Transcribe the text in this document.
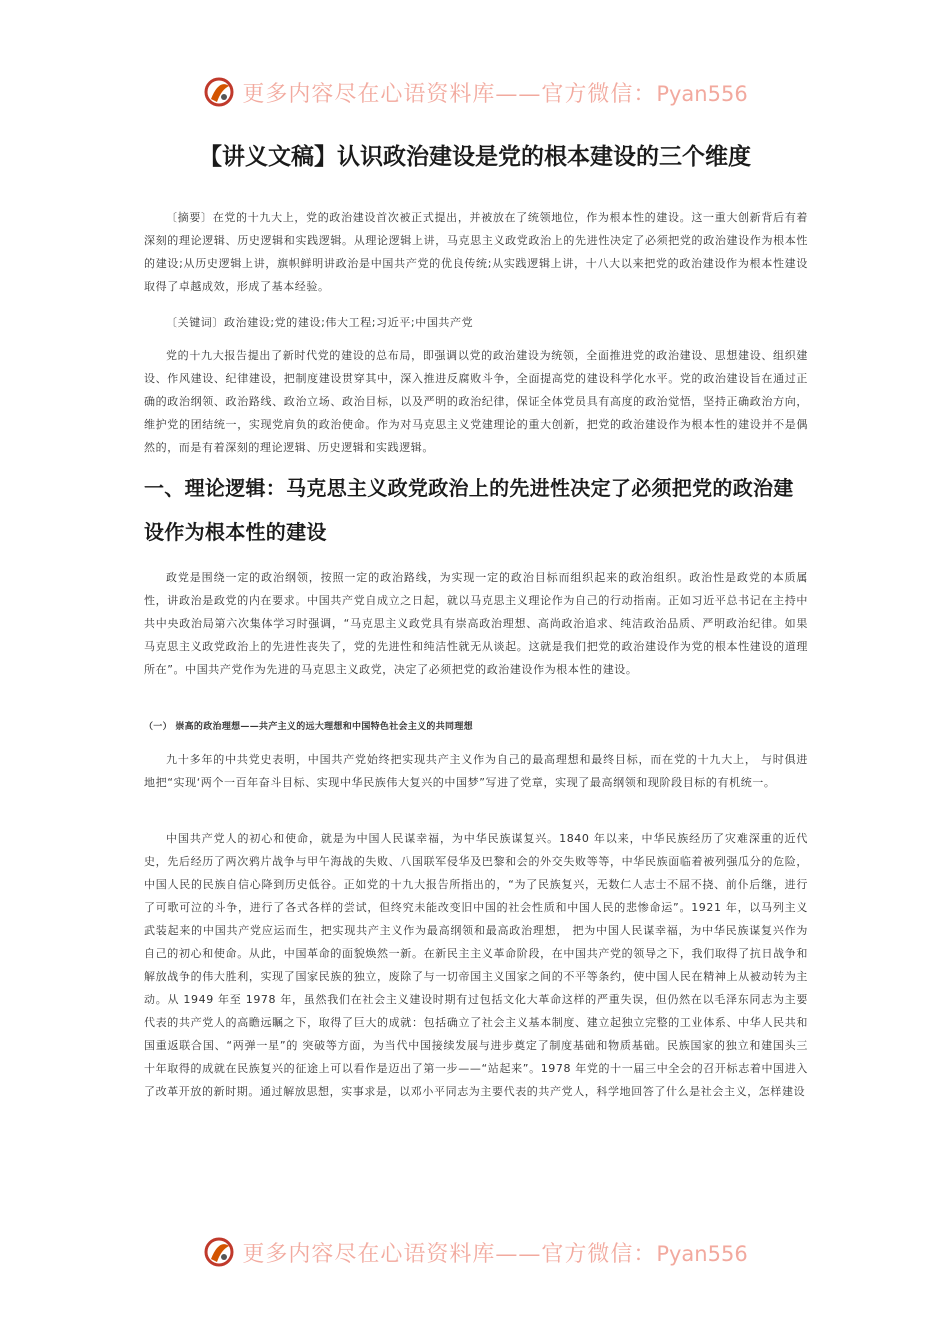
更多内容尽在心语资料库——官方微信：Pyan556
【讲义文稿】认识政治建设是党的根本建设的三个维度

〔摘要〕在党的十九大上，党的政治建设首次被正式提出，并被放在了统领地位，作为根本性的建设。这一重大创新背后有着深刻的理论逻辑、历史逻辑和实践逻辑。从理论逻辑上讲，马克思主义政党政治上的先进性决定了必须把党的政治建设作为根本性的建设;从历史逻辑上讲，旗帜鲜明讲政治是中国共产党的优良传统;从实践逻辑上讲，十八大以来把党的政治建设作为根本性建设取得了卓越成效，形成了基本经验。

〔关键词〕政治建设;党的建设;伟大工程;习近平;中国共产党

党的十九大报告提出了新时代党的建设的总布局，即强调以党的政治建设为统领，全面推进党的政治建设、思想建设、组织建设、作风建设、纪律建设，把制度建设贯穿其中，深入推进反腐败斗争，全面提高党的建设科学化水平。党的政治建设旨在通过正确的政治纲领、政治路线、政治立场、政治目标，以及严明的政治纪律，保证全体党员具有高度的政治觉悟，坚持正确政治方向，维护党的团结统一，实现党肩负的政治使命。作为对马克思主义党建理论的重大创新，把党的政治建设作为根本性的建设并不是偶然的，而是有着深刻的理论逻辑、历史逻辑和实践逻辑。

一、理论逻辑：马克思主义政党政治上的先进性决定了必须把党的政治建设作为根本性的建设

政党是围绕一定的政治纲领，按照一定的政治路线，为实现一定的政治目标而组织起来的政治组织。政治性是政党的本质属性，讲政治是政党的内在要求。中国共产党自成立之日起，就以马克思主义理论作为自己的行动指南。正如习近平总书记在主持中共中央政治局第六次集体学习时强调，“马克思主义政党具有崇高政治理想、高尚政治追求、纯洁政治品质、严明政治纪律。如果马克思主义政党政治上的先进性丧失了，党的先进性和纯洁性就无从谈起。这就是我们把党的政治建设作为党的根本性建设的道理所在”。中国共产党作为先进的马克思主义政党，决定了必须把党的政治建设作为根本性的建设。

（一） 崇高的政治理想——共产主义的远大理想和中国特色社会主义的共同理想

九十多年的中共党史表明，中国共产党始终把实现共产主义作为自己的最高理想和最终目标，而在党的十九大上， 与时俱进地把“实现‘两个一百年奋斗目标、实现中华民族伟大复兴的中国梦”写进了党章，实现了最高纲领和现阶段目标的有机统一。

中国共产党人的初心和使命，就是为中国人民谋幸福，为中华民族谋复兴。1840 年以来，中华民族经历了灾难深重的近代史，先后经历了两次鸦片战争与甲午海战的失败、八国联军侵华及巴黎和会的外交失败等等，中华民族面临着被列强瓜分的危险，中国人民的民族自信心降到历史低谷。正如党的十九大报告所指出的，“为了民族复兴，无数仁人志士不屈不挠、前仆后继，进行了可歌可泣的斗争，进行了各式各样的尝试，但终究未能改变旧中国的社会性质和中国人民的悲惨命运”。1921 年，以马列主义武装起来的中国共产党应运而生，把实现共产主义作为最高纲领和最高政治理想， 把为中国人民谋幸福，为中华民族谋复兴作为自己的初心和使命。从此，中国革命的面貌焕然一新。在新民主主义革命阶段，在中国共产党的领导之下，我们取得了抗日战争和解放战争的伟大胜利，实现了国家民族的独立，废除了与一切帝国主义国家之间的不平等条约，使中国人民在精神上从被动转为主动。从 1949 年至 1978 年，虽然我们在社会主义建设时期有过包括文化大革命这样的严重失误，但仍然在以毛泽东同志为主要代表的共产党人的高瞻远瞩之下，取得了巨大的成就：包括确立了社会主义基本制度、建立起独立完整的工业体系、中华人民共和国重返联合国、“两弹一星”的 突破等方面，为当代中国接续发展与进步奠定了制度基础和物质基础。民族国家的独立和建国头三十年取得的成就在民族复兴的征途上可以看作是迈出了第一步——“站起来”。1978 年党的十一届三中全会的召开标志着中国进入了改革开放的新时期。通过解放思想，实事求是，以邓小平同志为主要代表的共产党人，科学地回答了什么是社会主义，怎样建设

更多内容尽在心语资料库——官方微信：Pyan556
